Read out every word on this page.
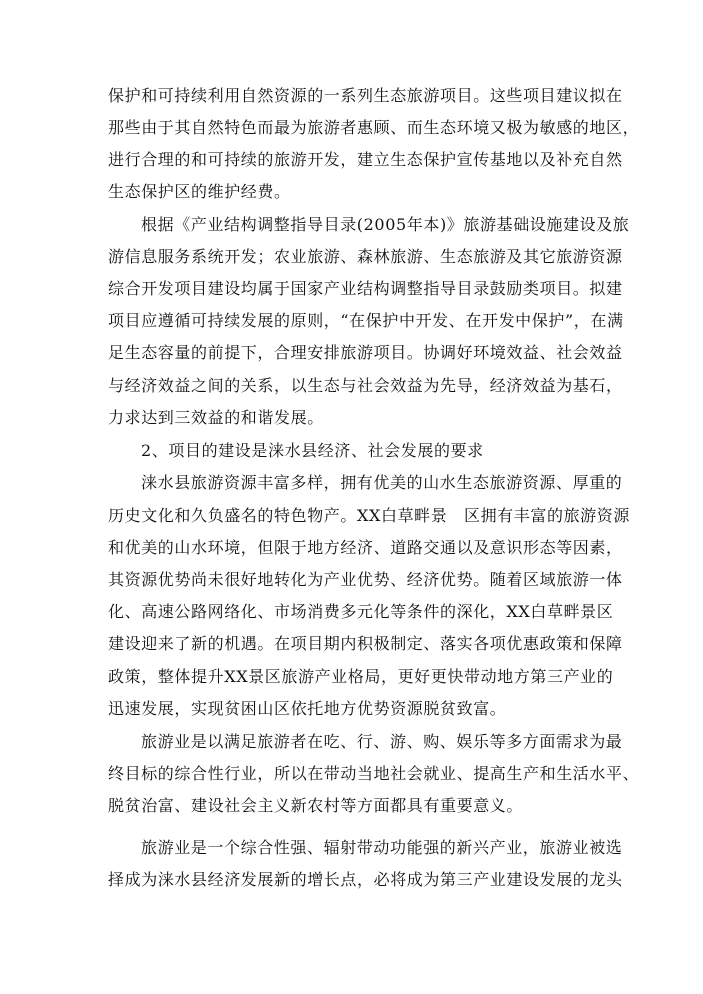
保护和可持续利用自然资源的一系列生态旅游项目。这些项目建议拟在
那些由于其自然特色而最为旅游者惠顾、而生态环境又极为敏感的地区，
进行合理的和可持续的旅游开发，建立生态保护宣传基地以及补充自然
生态保护区的维护经费。
根据《产业结构调整指导目录(2005年本)》旅游基础设施建设及旅
游信息服务系统开发；农业旅游、森林旅游、生态旅游及其它旅游资源
综合开发项目建设均属于国家产业结构调整指导目录鼓励类项目。拟建
项目应遵循可持续发展的原则，“在保护中开发、在开发中保护”，在满
足生态容量的前提下，合理安排旅游项目。协调好环境效益、社会效益
与经济效益之间的关系，以生态与社会效益为先导，经济效益为基石，
力求达到三效益的和谐发展。
2、项目的建设是涞水县经济、社会发展的要求
涞水县旅游资源丰富多样，拥有优美的山水生态旅游资源、厚重的
历史文化和久负盛名的特色物产。XX白草畔景　区拥有丰富的旅游资源
和优美的山水环境，但限于地方经济、道路交通以及意识形态等因素，
其资源优势尚未很好地转化为产业优势、经济优势。随着区域旅游一体
化、高速公路网络化、市场消费多元化等条件的深化，XX白草畔景区
建设迎来了新的机遇。在项目期内积极制定、落实各项优惠政策和保障
政策，整体提升XX景区旅游产业格局，更好更快带动地方第三产业的
迅速发展，实现贫困山区依托地方优势资源脱贫致富。
旅游业是以满足旅游者在吃、行、游、购、娱乐等多方面需求为最
终目标的综合性行业，所以在带动当地社会就业、提高生产和生活水平、
脱贫治富、建设社会主义新农村等方面都具有重要意义。
旅游业是一个综合性强、辐射带动功能强的新兴产业，旅游业被选
择成为涞水县经济发展新的增长点，必将成为第三产业建设发展的龙头
